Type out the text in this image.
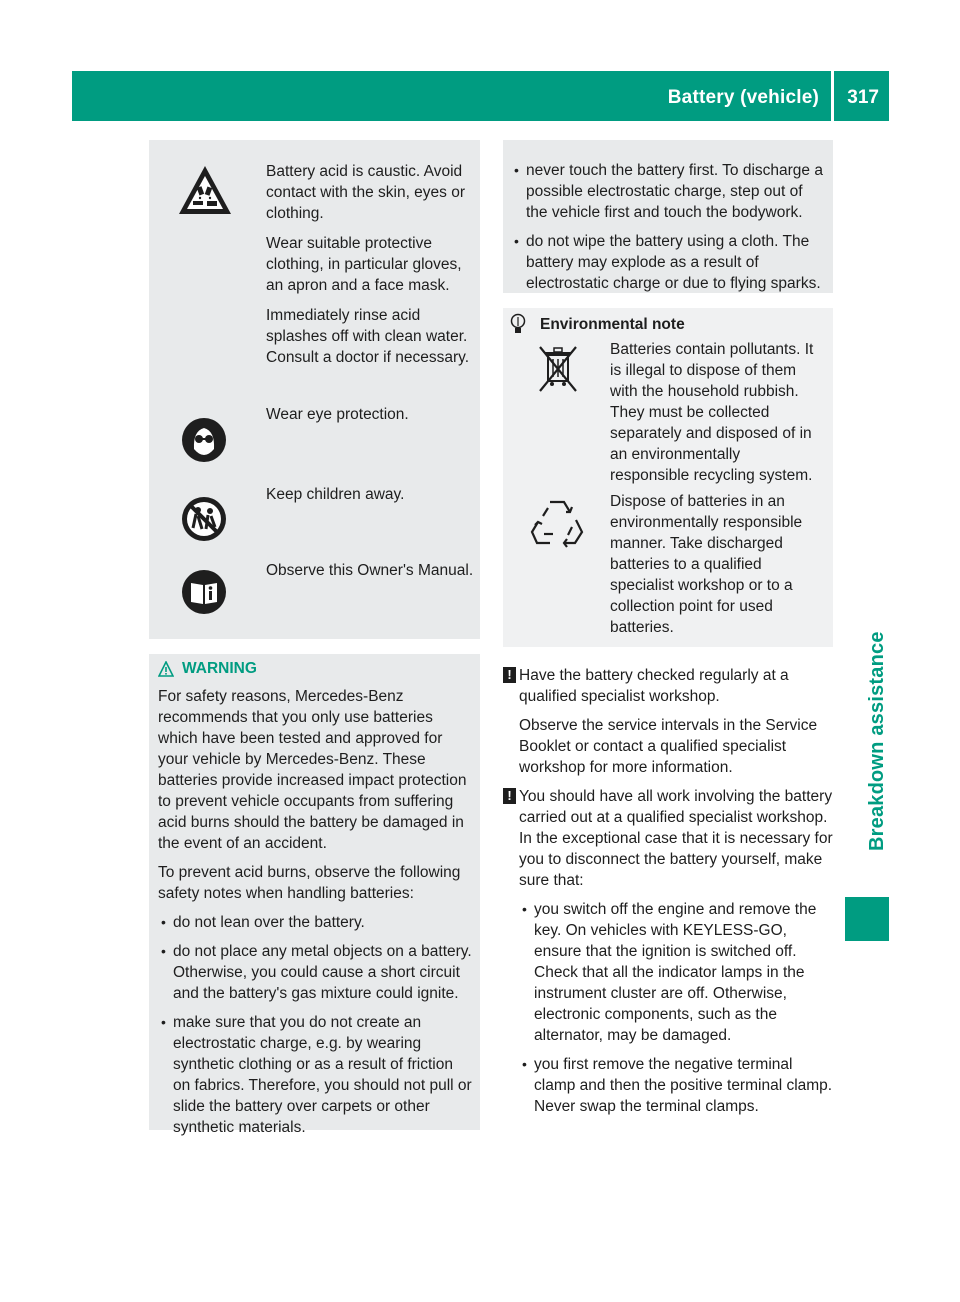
Battery (vehicle) 317
Breakdown assistance

Battery acid is caustic. Avoid contact with the skin, eyes or clothing.

Wear suitable protective clothing, in particular gloves, an apron and a face mask.

Immediately rinse acid splashes off with clean water. Consult a doctor if necessary.

Wear eye protection.

Keep children away.

Observe this Owner's Manual.

WARNING

For safety reasons, Mercedes-Benz recommends that you only use batteries which have been tested and approved for your vehicle by Mercedes-Benz. These batteries provide increased impact protection to prevent vehicle occupants from suffering acid burns should the battery be damaged in the event of an accident.

To prevent acid burns, observe the following safety notes when handling batteries:

• do not lean over the battery.
• do not place any metal objects on a battery. Otherwise, you could cause a short circuit and the battery's gas mixture could ignite.
• make sure that you do not create an electrostatic charge, e.g. by wearing synthetic clothing or as a result of friction on fabrics. Therefore, you should not pull or slide the battery over carpets or other synthetic materials.
• never touch the battery first. To discharge a possible electrostatic charge, step out of the vehicle first and touch the bodywork.
• do not wipe the battery using a cloth. The battery may explode as a result of electrostatic charge or due to flying sparks.
Environmental note

Batteries contain pollutants. It is illegal to dispose of them with the household rubbish. They must be collected separately and disposed of in an environmentally responsible recycling system.

Dispose of batteries in an environmentally responsible manner. Take discharged batteries to a qualified specialist workshop or to a collection point for used batteries.

! Have the battery checked regularly at a qualified specialist workshop.

Observe the service intervals in the Service Booklet or contact a qualified specialist workshop for more information.

! You should have all work involving the battery carried out at a qualified specialist workshop. In the exceptional case that it is necessary for you to disconnect the battery yourself, make sure that:

• you switch off the engine and remove the key. On vehicles with KEYLESS-GO, ensure that the ignition is switched off. Check that all the indicator lamps in the instrument cluster are off. Otherwise, electronic components, such as the alternator, may be damaged.
• you first remove the negative terminal clamp and then the positive terminal clamp. Never swap the terminal clamps.
